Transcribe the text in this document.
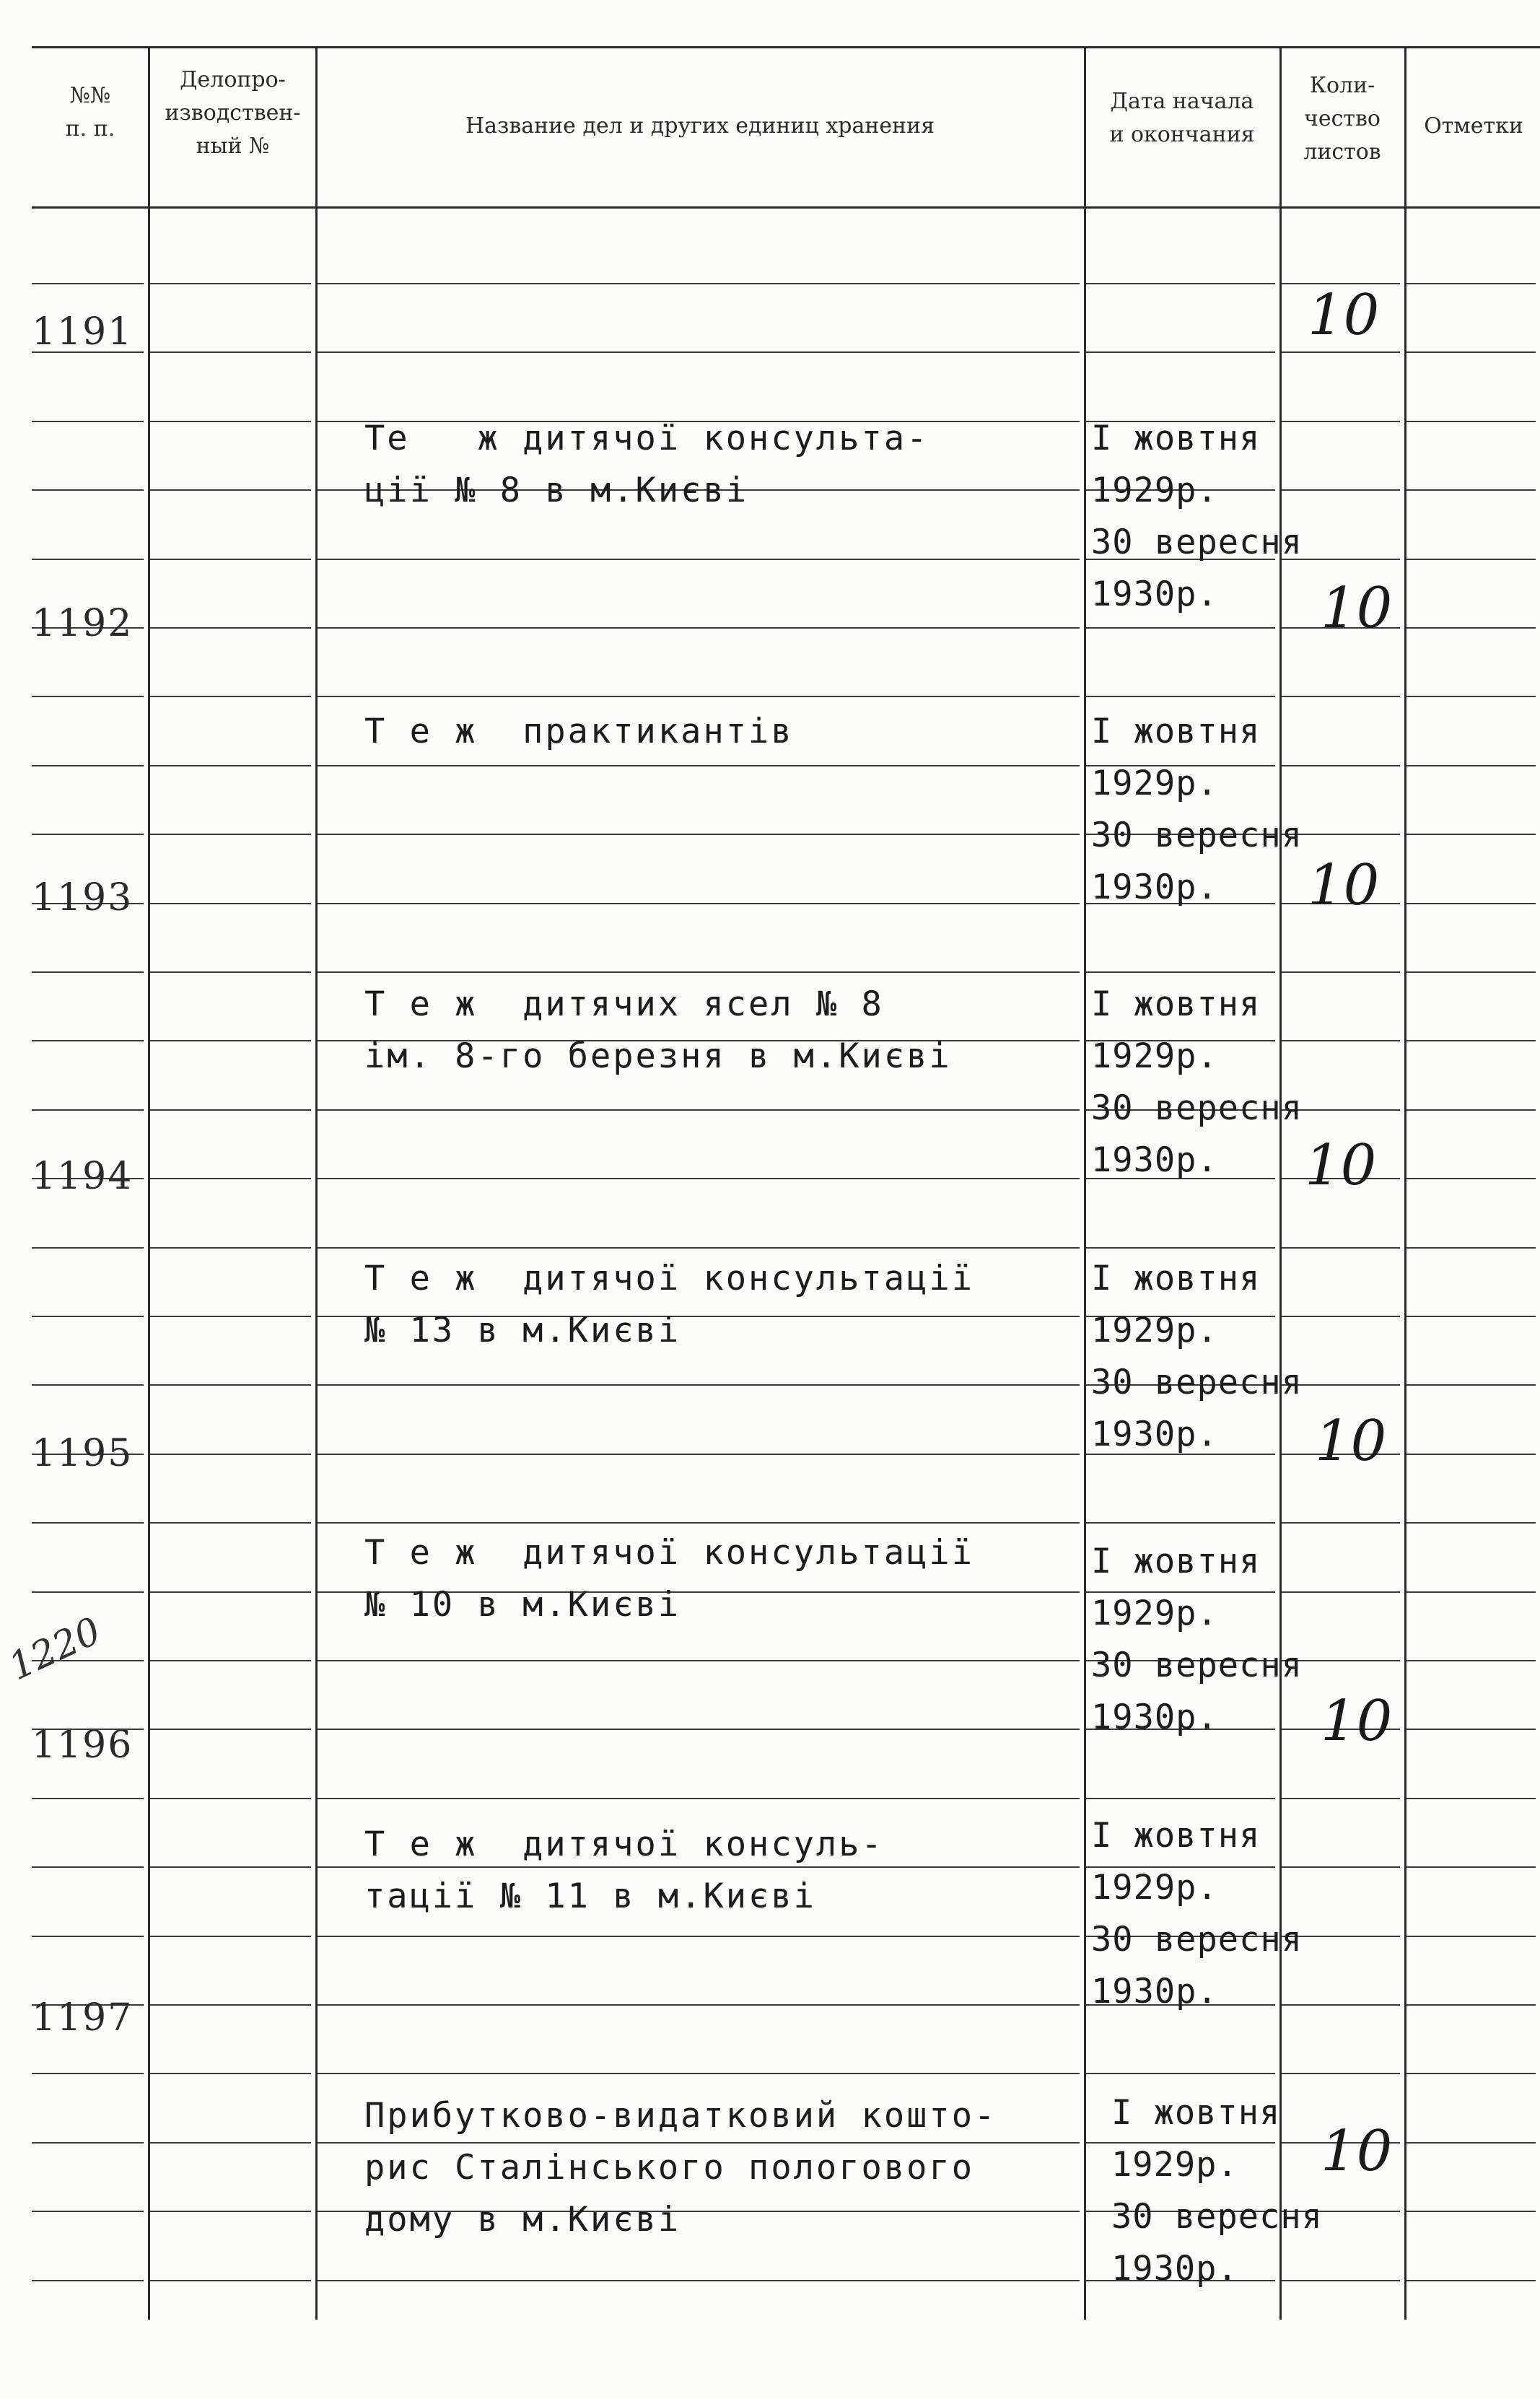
№№
п. п.
Делопро-
изводствен-
ный №
Название дел и других единиц хранения
Дата начала
и окончания
Коли-
чество
листов
Отметки
1220
1191

Те   ж дитячої консульта-
ції № 8 в м.Києві

І жовтня
1929р.
30 вересня
1930р.

10
1192

Т е ж  практикантів

	І жовтня
1929р.
30 вересня
1930р.

10
1193

Т е ж  дитячих ясел № 8
ім. 8-го березня в м.Києві

І жовтня
1929р.
30 вересня
1930р.

10
1194

Т е ж  дитячої консультації
№ 13 в м.Києві

І жовтня
1929р.
30 вересня
1930р.

10
1195

Т е ж  дитячої консультації
№ 10 в м.Києві

І жовтня
1929р.
30 вересня
1930р.

10
1196

Т е ж  дитячої консуль-
тації № 11 в м.Києві

І жовтня
1929р.
30 вересня
1930р.

10
1197

Прибутково-видатковий кошто-
рис Сталінського пологового
дому в м.Києві

І жовтня
1929р.
30 вересня
1930р.

10
